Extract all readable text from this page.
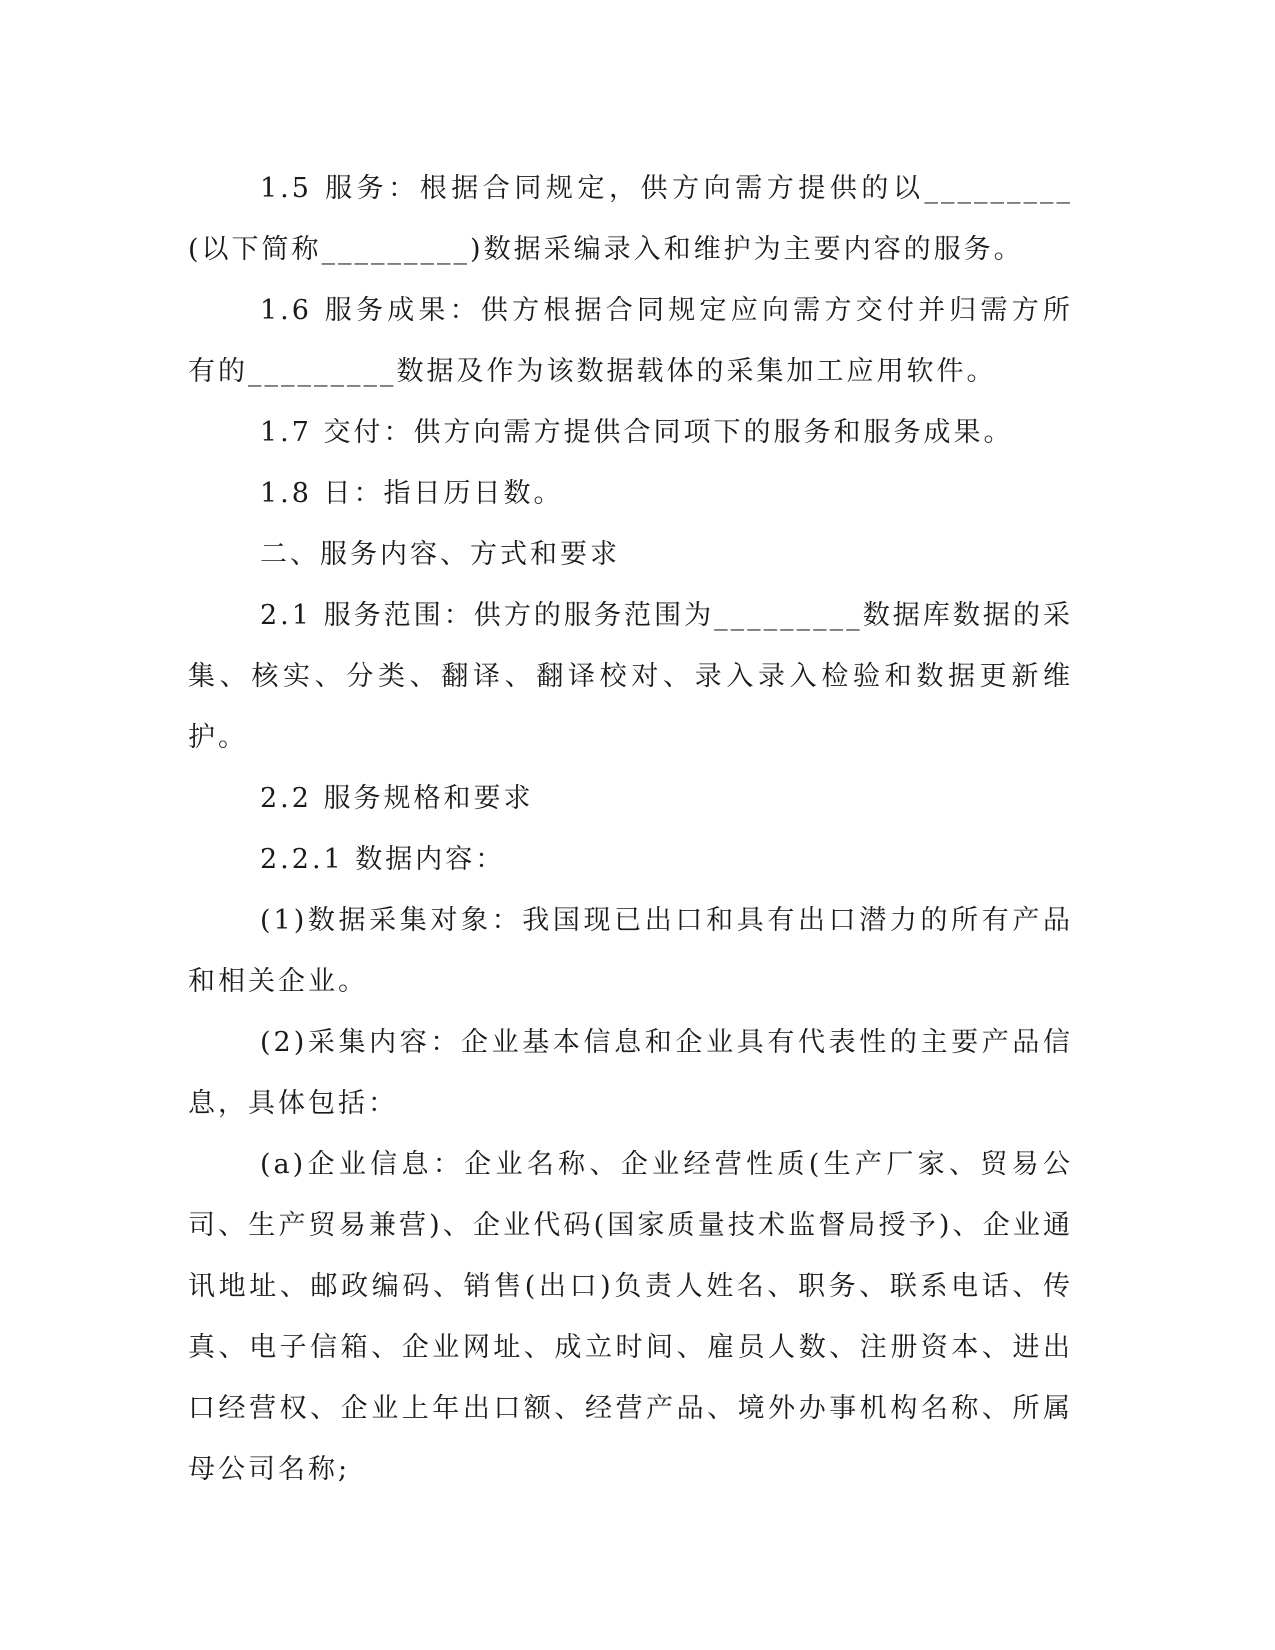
1.5 服务：根据合同规定，供方向需方提供的以_________(以下简称_________)数据采编录入和维护为主要内容的服务。

1.6 服务成果：供方根据合同规定应向需方交付并归需方所有的_________数据及作为该数据载体的采集加工应用软件。

1.7 交付：供方向需方提供合同项下的服务和服务成果。

1.8 日：指日历日数。

二、服务内容、方式和要求

2.1 服务范围：供方的服务范围为_________数据库数据的采集、核实、分类、翻译、翻译校对、录入录入检验和数据更新维护。

2.2 服务规格和要求

2.2.1 数据内容：

(1)数据采集对象：我国现已出口和具有出口潜力的所有产品和相关企业。

(2)采集内容：企业基本信息和企业具有代表性的主要产品信息，具体包括：

(a)企业信息：企业名称、企业经营性质(生产厂家、贸易公司、生产贸易兼营)、企业代码(国家质量技术监督局授予)、企业通讯地址、邮政编码、销售(出口)负责人姓名、职务、联系电话、传真、电子信箱、企业网址、成立时间、雇员人数、注册资本、进出口经营权、企业上年出口额、经营产品、境外办事机构名称、所属母公司名称;
